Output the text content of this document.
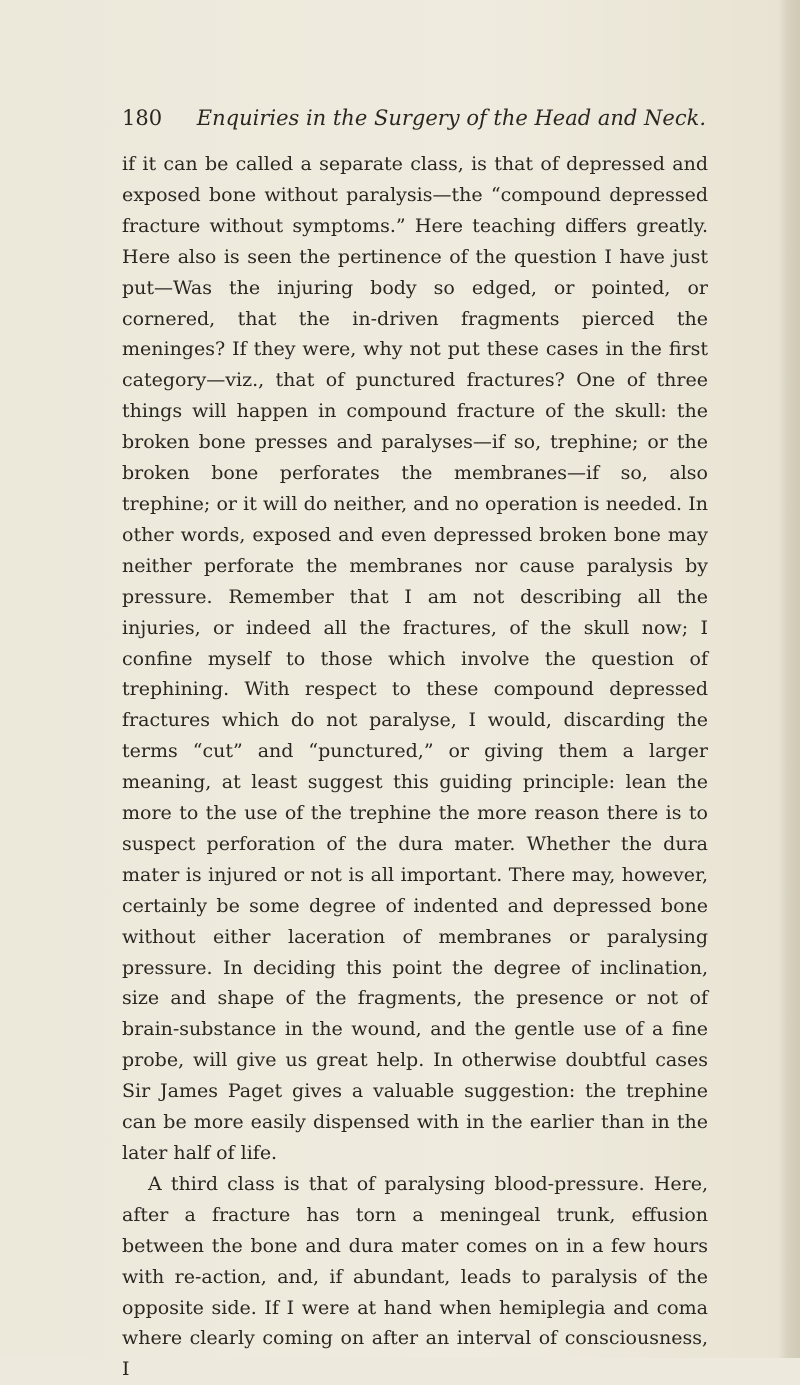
180 Enquiries in the Surgery of the Head and Neck.

if it can be called a separate class, is that of depressed and exposed bone without paralysis—the “compound depressed fracture without symptoms.” Here teaching differs greatly. Here also is seen the pertinence of the question I have just put—Was the injuring body so edged, or pointed, or cornered, that the in-driven fragments pierced the meninges? If they were, why not put these cases in the first category—viz., that of punctured fractures? One of three things will happen in compound fracture of the skull: the broken bone presses and paralyses—if so, trephine; or the broken bone perforates the membranes—if so, also trephine; or it will do neither, and no operation is needed. In other words, exposed and even depressed broken bone may neither perforate the membranes nor cause paralysis by pressure. Remember that I am not describing all the injuries, or indeed all the fractures, of the skull now; I confine myself to those which involve the question of trephining. With respect to these compound depressed fractures which do not paralyse, I would, discarding the terms “cut” and “punctured,” or giving them a larger meaning, at least suggest this guiding principle: lean the more to the use of the trephine the more reason there is to suspect perforation of the dura mater. Whether the dura mater is injured or not is all important. There may, however, certainly be some degree of indented and depressed bone without either laceration of membranes or paralysing pressure. In deciding this point the degree of inclination, size and shape of the fragments, the presence or not of brain-substance in the wound, and the gentle use of a fine probe, will give us great help. In otherwise doubtful cases Sir James Paget gives a valuable suggestion: the trephine can be more easily dispensed with in the earlier than in the later half of life.

A third class is that of paralysing blood-pressure. Here, after a fracture has torn a meningeal trunk, effusion between the bone and dura mater comes on in a few hours with re-action, and, if abundant, leads to paralysis of the opposite side. If I were at hand when hemiplegia and coma where clearly coming on after an interval of consciousness, I
